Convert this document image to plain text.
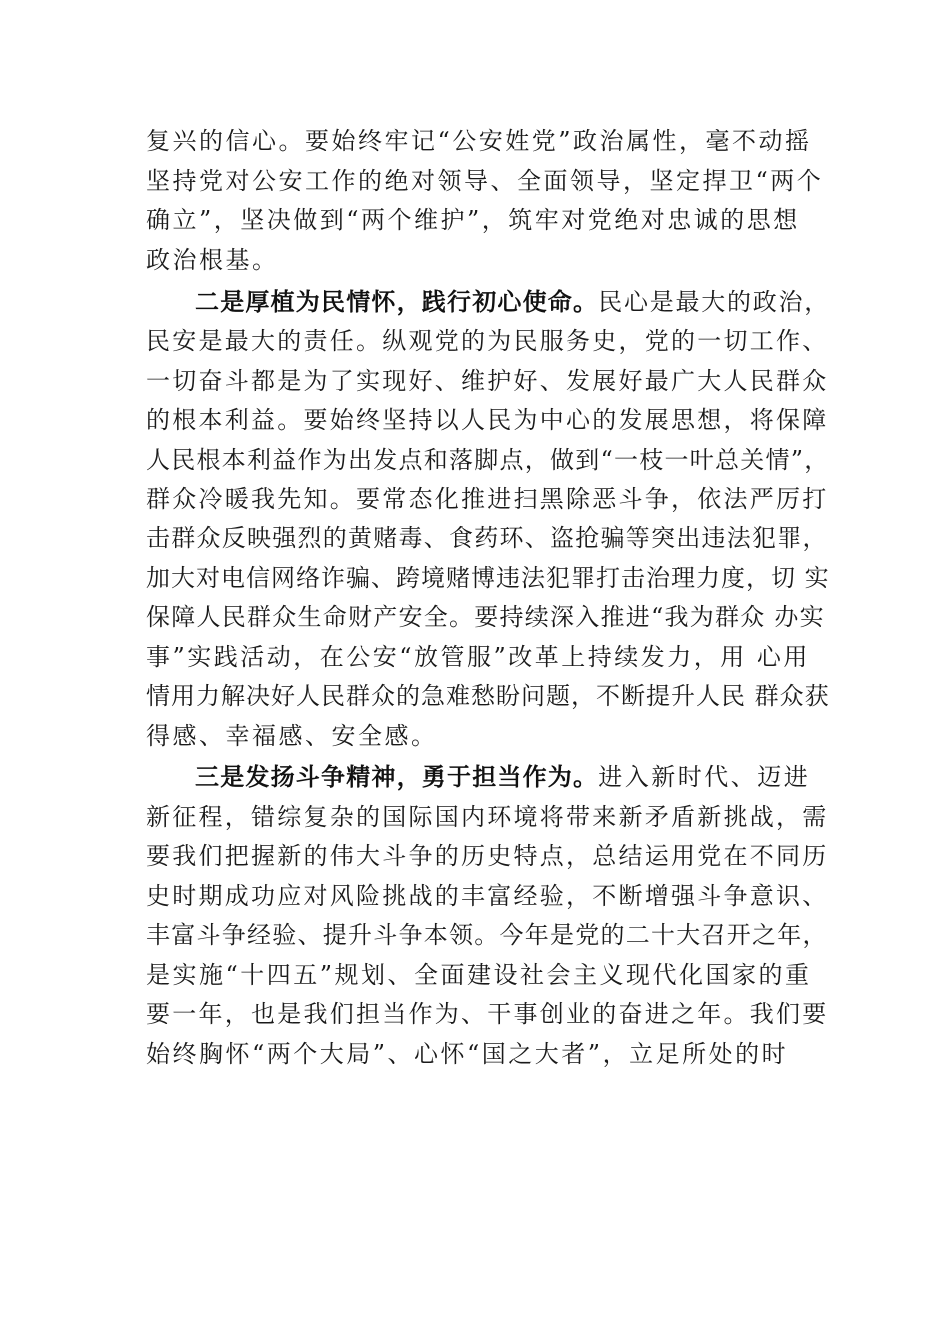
复兴的信心。要始终牢记“公安姓党”政治属性，毫不动摇
坚持党对公安工作的绝对领导、全面领导，坚定捍卫“两个
确立”，坚决做到“两个维护”，筑牢对党绝对忠诚的思想
政治根基。
二是厚植为民情怀，践行初心使命。民心是最大的政治，
民安是最大的责任。纵观党的为民服务史，党的一切工作、
一切奋斗都是为了实现好、维护好、发展好最广大人民群众
的根本利益。要始终坚持以人民为中心的发展思想，将保障
人民根本利益作为出发点和落脚点，做到“一枝一叶总关情”，
群众冷暖我先知。要常态化推进扫黑除恶斗争，依法严厉打
击群众反映强烈的黄赌毒、食药环、盗抢骗等突出违法犯罪，
加大对电信网络诈骗、跨境赌博违法犯罪打击治理力度，切 实
保障人民群众生命财产安全。要持续深入推进“我为群众 办实
事”实践活动，在公安“放管服”改革上持续发力，用 心用
情用力解决好人民群众的急难愁盼问题，不断提升人民 群众获
得感、幸福感、安全感。
三是发扬斗争精神，勇于担当作为。进入新时代、迈进
新征程，错综复杂的国际国内环境将带来新矛盾新挑战，需
要我们把握新的伟大斗争的历史特点，总结运用党在不同历
史时期成功应对风险挑战的丰富经验，不断增强斗争意识、
丰富斗争经验、提升斗争本领。今年是党的二十大召开之年，
是实施“十四五”规划、全面建设社会主义现代化国家的重
要一年，也是我们担当作为、干事创业的奋进之年。我们要
始终胸怀“两个大局”、心怀“国之大者”，立足所处的时
